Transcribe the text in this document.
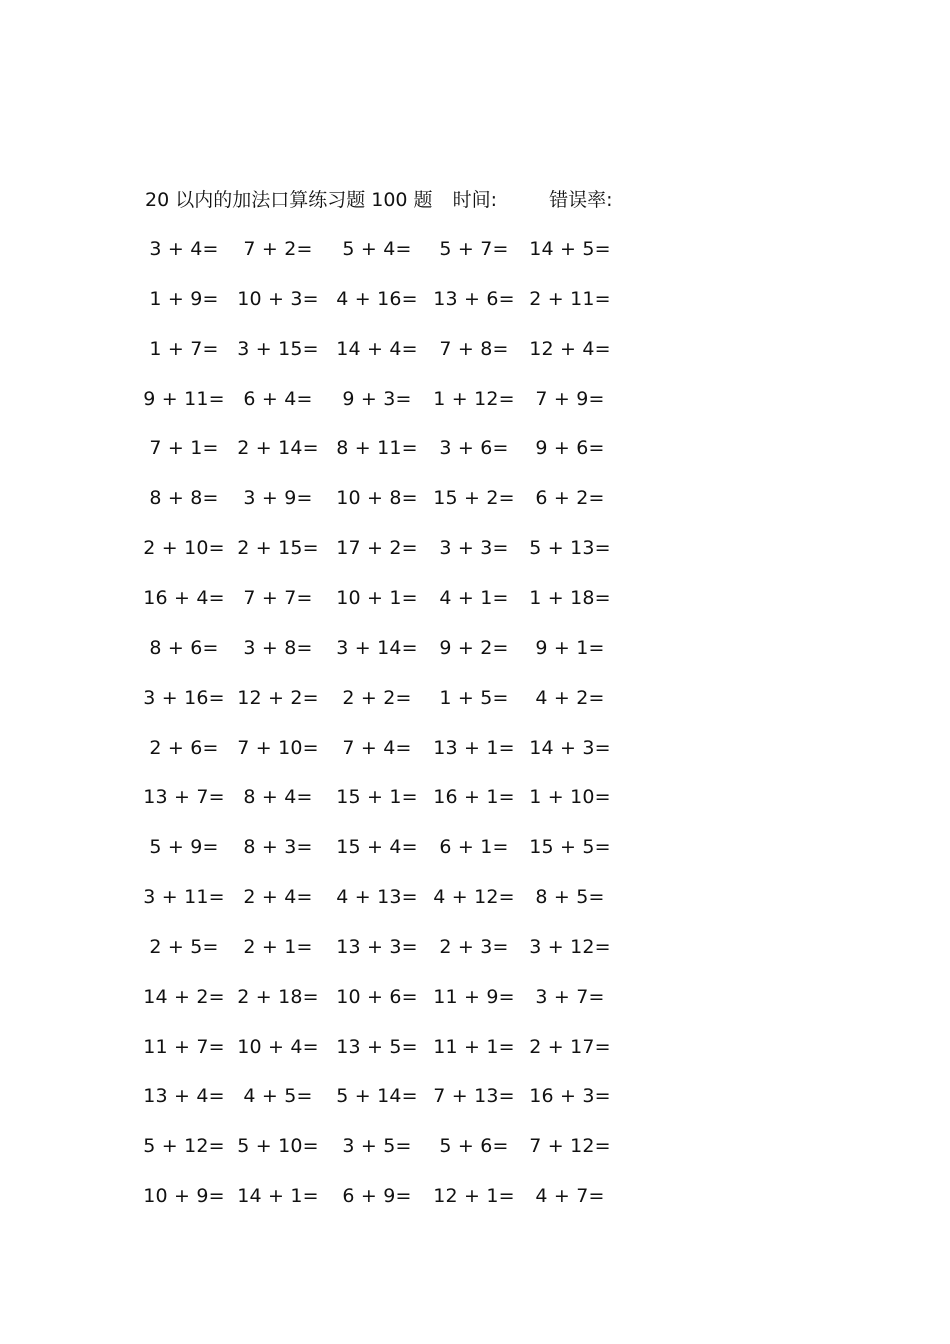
20 以内的加法口算练习题 100 题 时间:	错误率:
3 + 4= 7 + 2= 5 + 4= 5 + 7= 14 + 5=
1 + 9= 10 + 3= 4 + 16= 13 + 6= 2 + 11=
1 + 7= 3 + 15= 14 + 4= 7 + 8= 12 + 4=
9 + 11= 6 + 4= 9 + 3= 1 + 12= 7 + 9=
7 + 1= 2 + 14= 8 + 11= 3 + 6= 9 + 6=
8 + 8= 3 + 9= 10 + 8= 15 + 2= 6 + 2=
2 + 10= 2 + 15= 17 + 2= 3 + 3= 5 + 13=
16 + 4= 7 + 7= 10 + 1= 4 + 1= 1 + 18=
8 + 6= 3 + 8= 3 + 14= 9 + 2= 9 + 1=
3 + 16= 12 + 2= 2 + 2= 1 + 5= 4 + 2=
2 + 6= 7 + 10= 7 + 4= 13 + 1= 14 + 3=
13 + 7= 8 + 4= 15 + 1= 16 + 1= 1 + 10=
5 + 9= 8 + 3= 15 + 4= 6 + 1= 15 + 5=
3 + 11= 2 + 4= 4 + 13= 4 + 12= 8 + 5=
2 + 5= 2 + 1= 13 + 3= 2 + 3= 3 + 12=
14 + 2= 2 + 18= 10 + 6= 11 + 9= 3 + 7=
11 + 7= 10 + 4= 13 + 5= 11 + 1= 2 + 17=
13 + 4= 4 + 5= 5 + 14= 7 + 13= 16 + 3=
5 + 12= 5 + 10= 3 + 5= 5 + 6= 7 + 12=
10 + 9= 14 + 1= 6 + 9= 12 + 1= 4 + 7=
